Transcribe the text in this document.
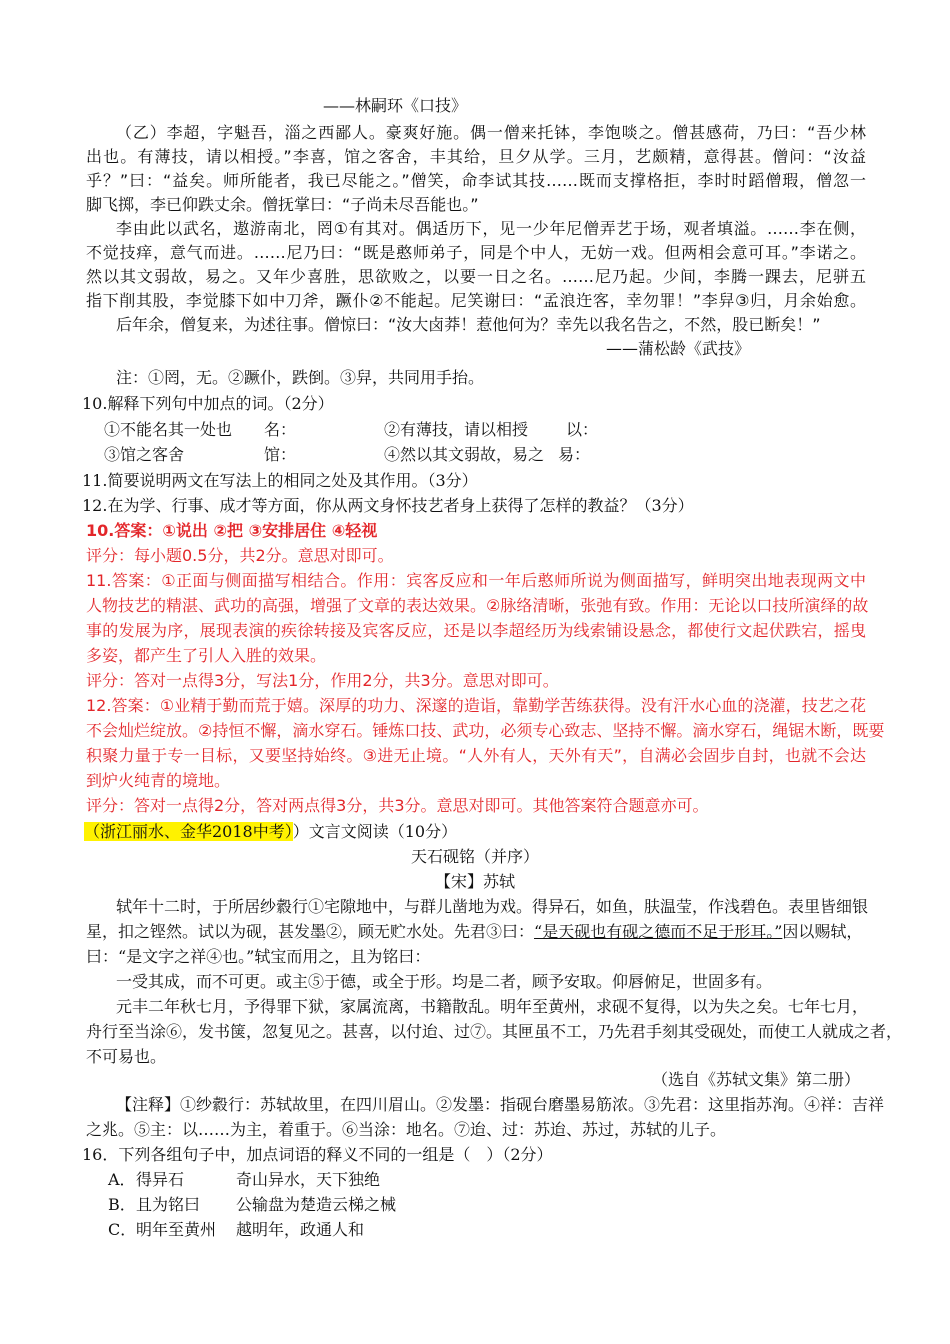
——林嗣环《口技》
（乙）李超，字魁吾，淄之西鄙人。豪爽好施。偶一僧来托钵，李饱啖之。僧甚感荷，乃曰：“吾少林
出也。有薄技，请以相授。”李喜，馆之客舍，丰其给，旦夕从学。三月，艺颇精，意得甚。僧问：“汝益
乎？”曰：“益矣。师所能者，我已尽能之。”僧笑，命李试其技……既而支撑格拒，李时时蹈僧瑕，僧忽一
脚飞掷，李已仰跌丈余。僧抚掌曰：“子尚未尽吾能也。”
李由此以武名，遨游南北，罔①有其对。偶适历下，见一少年尼僧弄艺于场，观者填溢。……李在侧，
不觉技痒，意气而进。……尼乃曰：“既是憨师弟子，同是个中人，无妨一戏。但两相会意可耳。”李诺之。
然以其文弱故，易之。又年少喜胜，思欲败之，以要一日之名。……尼乃起。少间，李腾一踝去，尼骈五
指下削其股，李觉膝下如中刀斧，蹶仆②不能起。尼笑谢曰：“孟浪迕客，幸勿罪！”李舁③归，月余始愈。
后年余，僧复来，为述往事。僧惊曰：“汝大卤莽！惹他何为？幸先以我名告之，不然，股已断矣！”
——蒲松龄《武技》
注：①罔，无。②蹶仆，跌倒。③舁，共同用手抬。
10.解释下列句中加点的词。（2分）
①不能名其一处也	名：	②有薄技，请以相授	以：
③馆之客舍	馆：	④然以其文弱故，易之 易：
11.简要说明两文在写法上的相同之处及其作用。（3分）
12.在为学、行事、成才等方面，你从两文身怀技艺者身上获得了怎样的教益？（3分）
10.答案：①说出 ②把 ③安排居住 ④轻视
评分：每小题0.5分，共2分。意思对即可。
11.答案：①正面与侧面描写相结合。作用：宾客反应和一年后憨师所说为侧面描写，鲜明突出地表现两文中
人物技艺的精湛、武功的高强，增强了文章的表达效果。②脉络清晰，张弛有致。作用：无论以口技所演绎的故
事的发展为序，展现表演的疾徐转接及宾客反应，还是以李超经历为线索铺设悬念，都使行文起伏跌宕，摇曳
多姿，都产生了引人入胜的效果。
评分：答对一点得3分，写法1分，作用2分，共3分。意思对即可。
12.答案：①业精于勤而荒于嬉。深厚的功力、深邃的造诣，靠勤学苦练获得。没有汗水心血的浇灌，技艺之花
不会灿烂绽放。②持恒不懈，滴水穿石。锤炼口技、武功，必须专心致志、坚持不懈。滴水穿石，绳锯木断，既要
积聚力量于专一目标，又要坚持始终。③进无止境。“人外有人，天外有天”，自满必会固步自封，也就不会达
到炉火纯青的境地。
评分：答对一点得2分，答对两点得3分，共3分。意思对即可。其他答案符合题意亦可。
（浙江丽水、金华2018中考））文言文阅读（10分）
天石砚铭（并序）
【宋】苏轼
轼年十二时，于所居纱縠行①宅隙地中，与群儿凿地为戏。得异石，如鱼，肤温莹，作浅碧色。表里皆细银
星，扣之铿然。试以为砚，甚发墨②，顾无贮水处。先君③曰：“是天砚也有砚之德而不足于形耳。”因以赐轼，
曰：“是文字之祥④也。”轼宝而用之，且为铭曰：
一受其成，而不可更。或主⑤于德，或全于形。均是二者，顾予安取。仰唇俯足，世固多有。
元丰二年秋七月，予得罪下狱，家属流离，书籍散乱。明年至黄州，求砚不复得，以为失之矣。七年七月，
舟行至当涂⑥，发书箧，忽复见之。甚喜，以付迨、过⑦。其匣虽不工，乃先君手刻其受砚处，而使工人就成之者，
不可易也。
（选自《苏轼文集》第二册）
【注释】①纱縠行：苏轼故里，在四川眉山。②发墨：指砚台磨墨易筋浓。③先君：这里指苏洵。④祥：吉祥
之兆。⑤主：以……为主，着重于。⑥当涂：地名。⑦迨、过：苏迨、苏过，苏轼的儿子。
16．下列各组句子中，加点词语的释义不同的一组是（　）（2分）
A． 得异石	奇山异水，天下独绝
B． 且为铭曰	公输盘为楚造云梯之械
C． 明年至黄州	越明年，政通人和
